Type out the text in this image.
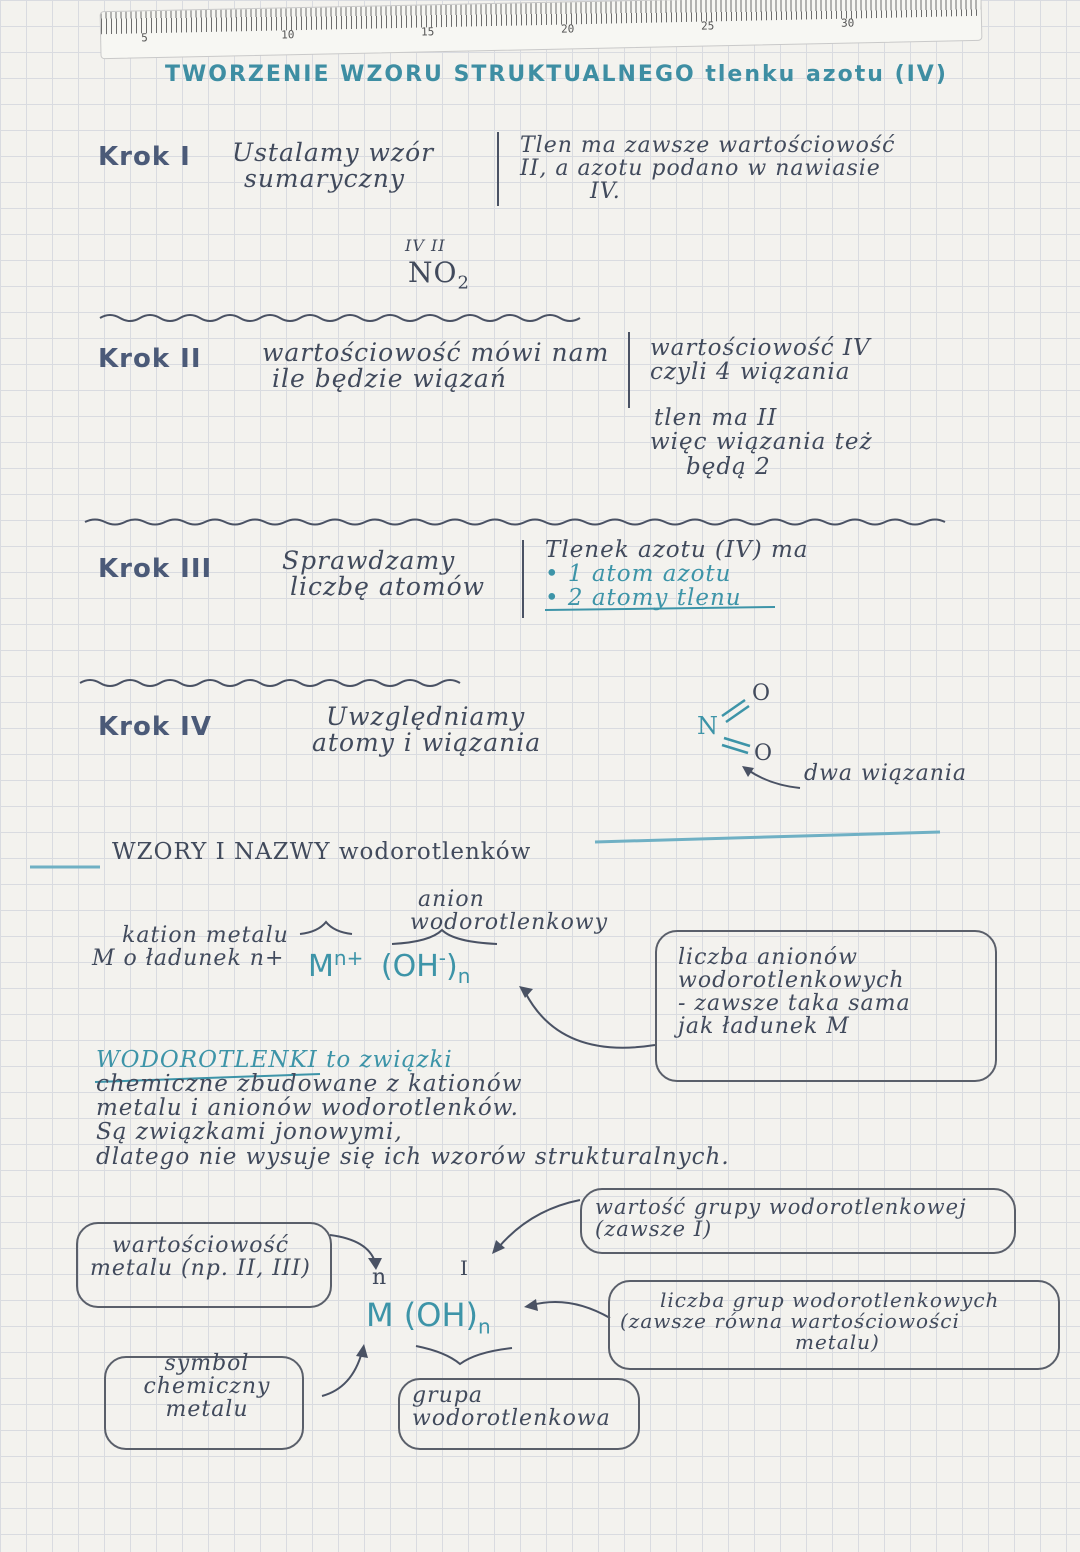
5	10	15	20	25	30
TWORZENIE WZORU STRUKTUALNEGO tlenku azotu (IV)
Krok I Ustalamy wzór
sumaryczny
Tlen ma zawsze wartościowość
II, a azotu podano w nawiasie
IV.
IV II
$NO_2$
Krok II wartościowość mówi nam
ile będzie wiązań
wartościowość IV
czyli 4 wiązania
tlen ma II
więc wiązania też
będą 2
Krok III	Sprawdzamy
liczbę atomów
Tlenek azotu (IV) ma
• 1 atom azotu
• 2 atomy tlenu
Krok IV	Uwzględniamy
atomy i wiązania
N
O
O
dwa wiązania
WZORY I NAZWY wodorotlenków
kation metalu
M o ładunek n+
anion
wodorotlenkowy
$M^{n+}$ $(OH^-)_n$
liczba anionów
wodorotlenkowych
- zawsze taka sama
jak ładunek M
WODOROTLENKI to związki
chemiczne zbudowane z kationów
metalu i anionów wodorotlenków.
Są związkami jonowymi,
dlatego nie wysuje się ich wzorów strukturalnych.
wartościowość
metalu (np. II, III)
wartość grupy wodorotlenkowej
(zawsze I)
liczba grup wodorotlenkowych
(zawsze równa wartościowości
metalu)
n	I
M $(OH)_n$
symbol
chemiczny
metalu
grupa
wodorotlenkowa
